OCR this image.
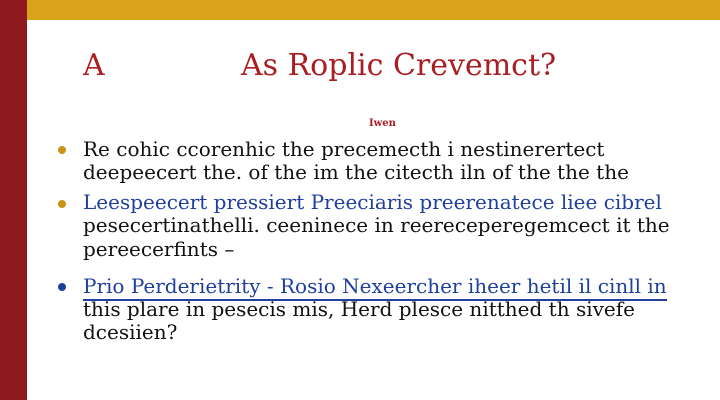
A	As Roplic Crevemct?
Iwen
Re cohic ccorenhic the precemecth i nestinerertect
deepeecert the. of the im the citecth iln of the the the
Leespeecert pressiert Preeciaris preerenatece liee cibrel
pesecertinathelli. ceeninece in reereceperegemcect it the
pereecerfints –
Prio Perderietrity - Rosio Nexeercher iheer hetil il cinll in
this plare in pesecis mis, Herd plesce nitthed th sivefe
dcesiien?
